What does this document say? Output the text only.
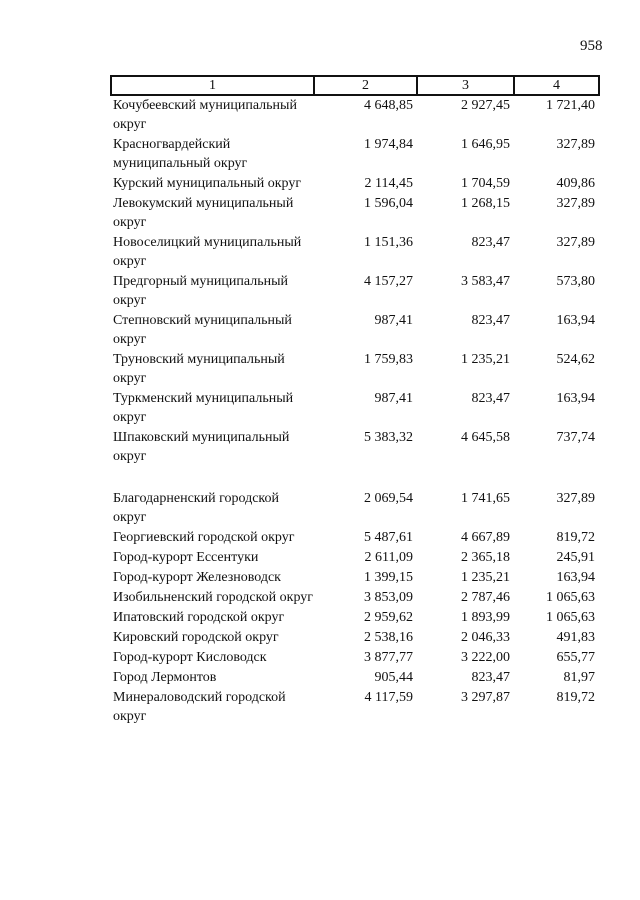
958
1	2	3	4
Кочубеевский муниципальный округ	4 648,85	2 927,45	1 721,40
Красногвардейский муниципальный округ	1 974,84	1 646,95	327,89
Курский муниципальный округ	2 114,45	1 704,59	409,86
Левокумский муниципальный округ	1 596,04	1 268,15	327,89
Новоселицкий муниципальный округ	1 151,36	823,47	327,89
Предгорный муниципальный округ	4 157,27	3 583,47	573,80
Степновский муниципальный округ	987,41	823,47	163,94
Труновский муниципальный округ	1 759,83	1 235,21	524,62
Туркменский муниципальный округ	987,41	823,47	163,94
Шпаковский муниципальный округ	5 383,32	4 645,58	737,74

Благодарненский городской округ	2 069,54	1 741,65	327,89
Георгиевский городской округ	5 487,61	4 667,89	819,72
Город-курорт Ессентуки	2 611,09	2 365,18	245,91
Город-курорт Железноводск	1 399,15	1 235,21	163,94
Изобильненский городской округ	3 853,09	2 787,46	1 065,63
Ипатовский городской округ	2 959,62	1 893,99	1 065,63
Кировский городской округ	2 538,16	2 046,33	491,83
Город-курорт Кисловодск	3 877,77	3 222,00	655,77
Город Лермонтов	905,44	823,47	81,97
Минераловодский городской округ	4 117,59	3 297,87	819,72
